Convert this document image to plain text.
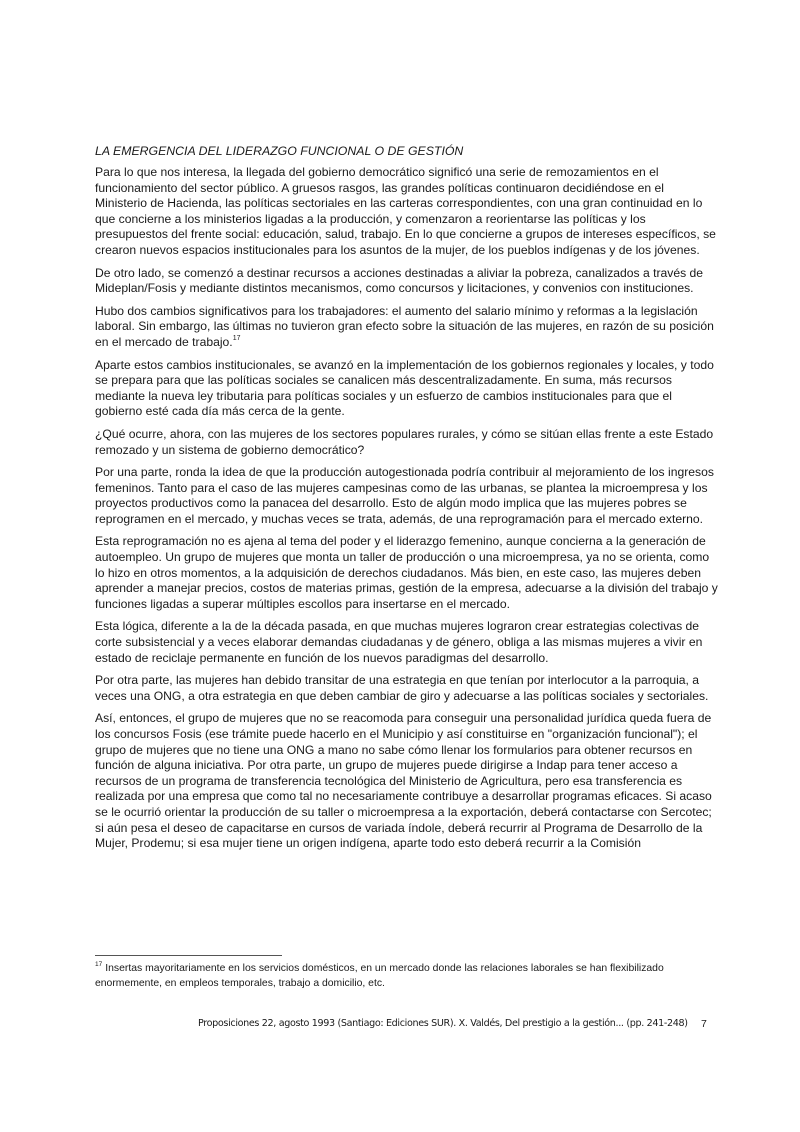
LA EMERGENCIA DEL LIDERAZGO FUNCIONAL O DE GESTIÓN

Para lo que nos interesa, la llegada del gobierno democrático significó una serie de remozamientos en el funcionamiento del sector público. A gruesos rasgos, las grandes políticas continuaron decidiéndose en el Ministerio de Hacienda, las políticas sectoriales en las carteras correspondientes, con una gran continuidad en lo que concierne a los ministerios ligadas a la producción, y comenzaron a reorientarse las políticas y los presupuestos del frente social: educación, salud, trabajo. En lo que concierne a grupos de intereses específicos, se crearon nuevos espacios institucionales para los asuntos de la mujer, de los pueblos indígenas y de los jóvenes.

De otro lado, se comenzó a destinar recursos a acciones destinadas a aliviar la pobreza, canalizados a través de Mideplan/Fosis y mediante distintos mecanismos, como concursos y licitaciones, y convenios con instituciones.

Hubo dos cambios significativos para los trabajadores: el aumento del salario mínimo y reformas a la legislación laboral. Sin embargo, las últimas no tuvieron gran efecto sobre la situación de las mujeres, en razón de su posición en el mercado de trabajo.$^{17}$

Aparte estos cambios institucionales, se avanzó en la implementación de los gobiernos regionales y locales, y todo se prepara para que las políticas sociales se canalicen más descentralizadamente. En suma, más recursos mediante la nueva ley tributaria para políticas sociales y un esfuerzo de cambios institucionales para que el gobierno esté cada día más cerca de la gente.

¿Qué ocurre, ahora, con las mujeres de los sectores populares rurales, y cómo se sitúan ellas frente a este Estado remozado y un sistema de gobierno democrático?

Por una parte, ronda la idea de que la producción autogestionada podría contribuir al mejoramiento de los ingresos femeninos. Tanto para el caso de las mujeres campesinas como de las urbanas, se plantea la microempresa y los proyectos productivos como la panacea del desarrollo. Esto de algún modo implica que las mujeres pobres se reprogramen en el mercado, y muchas veces se trata, además, de una reprogramación para el mercado externo.

Esta reprogramación no es ajena al tema del poder y el liderazgo femenino, aunque concierna a la generación de autoempleo. Un grupo de mujeres que monta un taller de producción o una microempresa, ya no se orienta, como lo hizo en otros momentos, a la adquisición de derechos ciudadanos. Más bien, en este caso, las mujeres deben aprender a manejar precios, costos de materias primas, gestión de la empresa, adecuarse a la división del trabajo y funciones ligadas a superar múltiples escollos para insertarse en el mercado.

Esta lógica, diferente a la de la década pasada, en que muchas mujeres lograron crear estrategias colectivas de corte subsistencial y a veces elaborar demandas ciudadanas y de género, obliga a las mismas mujeres a vivir en estado de reciclaje permanente en función de los nuevos paradigmas del desarrollo.

Por otra parte, las mujeres han debido transitar de una estrategia en que tenían por interlocutor a la parroquia, a veces una ONG, a otra estrategia en que deben cambiar de giro y adecuarse a las políticas sociales y sectoriales.

Así, entonces, el grupo de mujeres que no se reacomoda para conseguir una personalidad jurídica queda fuera de los concursos Fosis (ese trámite puede hacerlo en el Municipio y así constituirse en "organización funcional"); el grupo de mujeres que no tiene una ONG a mano no sabe cómo llenar los formularios para obtener recursos en función de alguna iniciativa. Por otra parte, un grupo de mujeres puede dirigirse a Indap para tener acceso a recursos de un programa de transferencia tecnológica del Ministerio de Agricultura, pero esa transferencia es realizada por una empresa que como tal no necesariamente contribuye a desarrollar programas eficaces. Si acaso se le ocurrió orientar la producción de su taller o microempresa a la exportación, deberá contactarse con Sercotec; si aún pesa el deseo de capacitarse en cursos de variada índole, deberá recurrir al Programa de Desarrollo de la Mujer, Prodemu; si esa mujer tiene un origen indígena, aparte todo esto deberá recurrir a la Comisión

$^{17}$ Insertas mayoritariamente en los servicios domésticos, en un mercado donde las relaciones laborales se han flexibilizado enormemente, en empleos temporales, trabajo a domicilio, etc.

Proposiciones 22, agosto 1993 (Santiago: Ediciones SUR). X. Valdés, Del prestigio a la gestión... (pp. 241-248)	7
